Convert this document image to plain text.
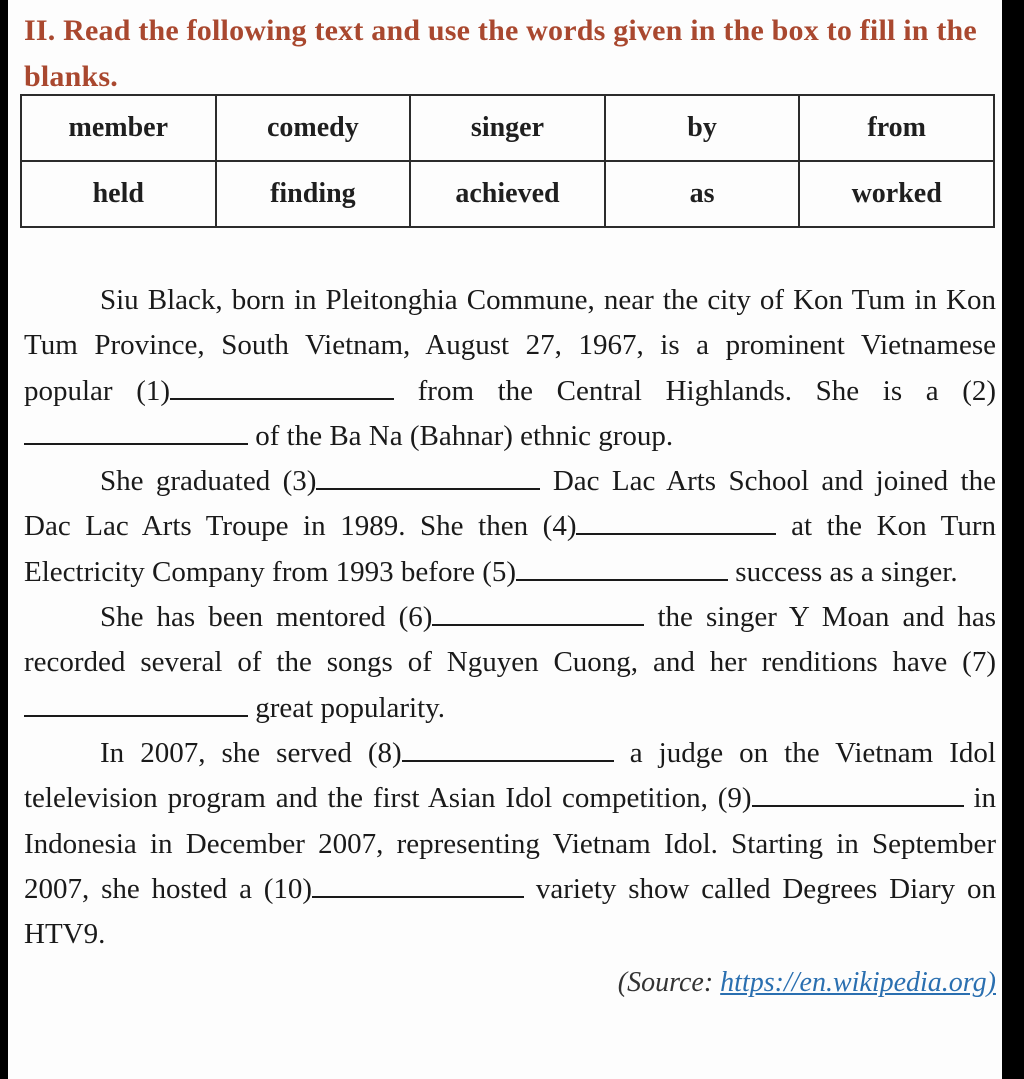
II. Read the following text and use the words given in the box to fill in the blanks.
member	comedy	singer	by	from
held	finding	achieved	as	worked

Siu Black, born in Pleitonghia Commune, near the city of Kon Tum in Kon Tum Province, South Vietnam, August 27, 1967, is a prominent Vietnamese popular (1)	from the Central Highlands. She is a (2) of the Ba Na (Bahnar) ethnic group.

She graduated (3)	Dac Lac Arts School and joined the Dac Lac Arts Troupe in 1989. She then (4)	at the Kon Turn Electricity Company from 1993 before (5)	success as a singer.

She has been mentored (6)	the singer Y Moan and has recorded several of the songs of Nguyen Cuong, and her renditions have (7) great popularity.

In 2007, she served (8)	a judge on the Vietnam Idol telelevision program and the first Asian Idol competition, (9)	in Indonesia in December 2007, representing Vietnam Idol. Starting in September 2007, she hosted a (10)	variety show called Degrees Diary on HTV9.

(Source: https://en.wikipedia.org)
